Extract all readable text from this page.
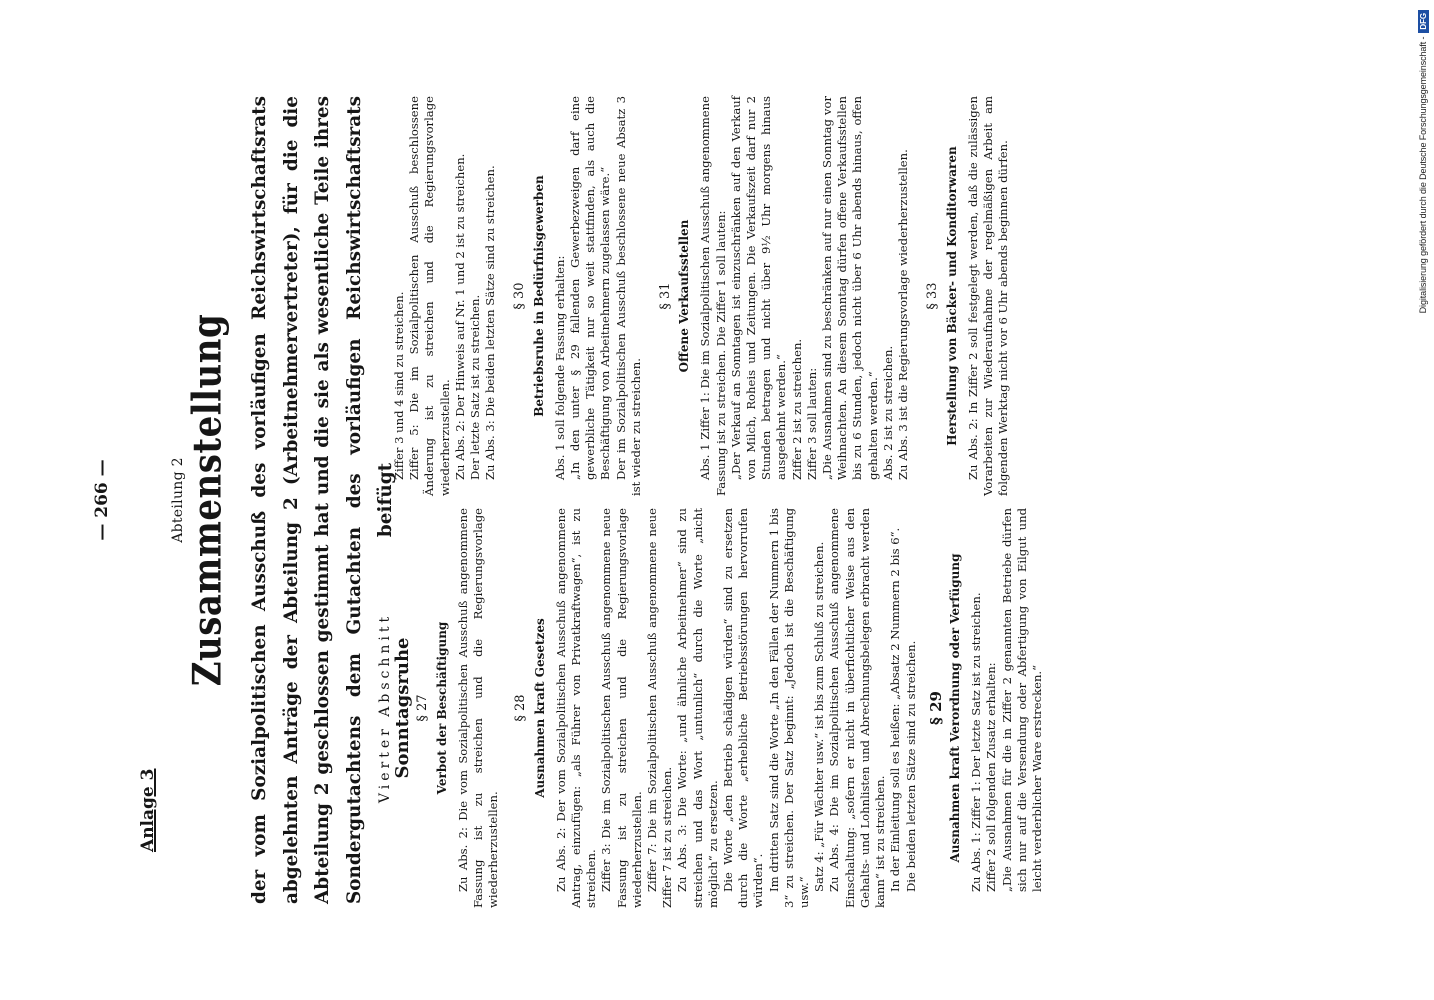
— 266 —
Anlage 3
Abteilung 2 Zusammenstellung der vom Sozialpolitischen Ausschuß des vorläufigen Reichswirtschaftsrats abgelehnten Anträge der Abteilung 2 (Arbeitnehmervertreter), für die die Abteilung 2 geschlossen gestimmt hat und die sie als wesentliche Teile ihres Sondergutachtens dem Gutachten des vorläufigen Reichswirtschaftsrats beifügt
Vierter Abschnitt Sonntagsruhe § 27 Verbot der Beschäftigung Zu Abs. 2: Die vom Sozialpolitischen Ausschuß angenommene Fassung ist zu streichen und die Regierungsvorlage wiederherzustellen.

§ 28 Ausnahmen kraft Gesetzes Zu Abs. 2: Der vom Sozialpolitischen Ausschuß angenommene Antrag, einzufügen: „als Führer von Privatkraftwagen“, ist zu streichen. Ziffer 3: Die im Sozialpolitischen Ausschuß angenommene neue Fassung ist zu streichen und die Regierungsvorlage wiederherzustellen. Ziffer 7: Die im Sozialpolitischen Ausschuß angenommene neue Ziffer 7 ist zu streichen. Zu Abs. 3: Die Worte: „und ähnliche Arbeitnehmer“ sind zu streichen und das Wort „untunlich“ durch die Worte „nicht möglich“ zu ersetzen. Die Worte „den Betrieb schädigen würden“ sind zu ersetzen durch die Worte „erhebliche Betriebsstörungen hervorrufen würden“. Im dritten Satz sind die Worte „In den Fällen der Nummern 1 bis 3“ zu streichen. Der Satz beginnt: „Jedoch ist die Beschäftigung usw.“

Satz 4: „Für Wächter usw.“ ist bis zum Schluß zu streichen. Zu Abs. 4: Die im Sozialpolitischen Ausschuß angenommene Einschaltung: „sofern er nicht in überfichtlicher Weise aus den Gehalts- und Lohnlisten und Abrechnungsbelegen erbracht werden kann“ ist zu streichen. In der Einleitung soll es heißen: „Absatz 2 Nummern 2 bis 6“. Die beiden letzten Sätze sind zu streichen. § 29 Ausnahmen kraft Verordnung oder Verfügung Zu Abs. 1: Ziffer 1: Der letzte Satz ist zu streichen. Ziffer 2 soll folgenden Zusatz erhalten: „Die Ausnahmen für die in Ziffer 2 genannten Betriebe dürfen sich nur auf die Versendung oder Abfertigung von Eilgut und leicht verderblicher Ware erstrecken.“

Ziffer 3 und 4 sind zu streichen. Ziffer 5: Die im Sozialpolitischen Ausschuß beschlossene Änderung ist zu streichen und die Regierungsvorlage wiederherzustellen. Zu Abs. 2: Der Hinweis auf Nr. 1 und 2 ist zu streichen. Der letzte Satz ist zu streichen. Zu Abs. 3: Die beiden letzten Sätze sind zu streichen.	§ 30 Betriebsruhe in Bedürfnisgewerben Abs. 1 soll folgende Fassung erhalten: „In den unter § 29 fallenden Gewerbezweigen darf eine gewerbliche Tätigkeit nur so weit stattfinden, als auch die Beschäftigung von Arbeitnehmern zugelassen wäre.“ Der im Sozialpolitischen Ausschuß beschlossene neue Absatz 3 ist wieder zu streichen.

§ 31 Offene Verkaufsstellen Abs. 1 Ziffer 1: Die im Sozialpolitischen Ausschuß angenommene Fassung ist zu streichen. Die Ziffer 1 soll lauten: „Der Verkauf an Sonntagen ist einzuschränken auf den Verkauf von Milch, Roheis und Zeitungen. Die Verkaufszeit darf nur 2 Stunden betragen und nicht über 9½ Uhr morgens hinaus ausgedehnt werden.“ Ziffer 2 ist zu streichen. Ziffer 3 soll lauten: „Die Ausnahmen sind zu beschränken auf nur einen Sonntag vor Weihnachten. An diesem Sonntag dürfen offene Verkaufsstellen bis zu 6 Stunden, jedoch nicht über 6 Uhr abends hinaus, offen gehalten werden.“ Abs. 2 ist zu streichen. Zu Abs. 3 ist die Regierungsvorlage wiederherzustellen.	§ 33 Herstellung von Bäcker- und Konditorwaren Zu Abs. 2: In Ziffer 2 soll festgelegt werden, daß die zulässigen Vorarbeiten zur Wiederaufnahme der regelmäßigen Arbeit am folgenden Werktag nicht vor 6 Uhr abends beginnen dürfen.	Digitalisierung gefördert durch die Deutsche Forschungsgemeinschaft -
DFG
